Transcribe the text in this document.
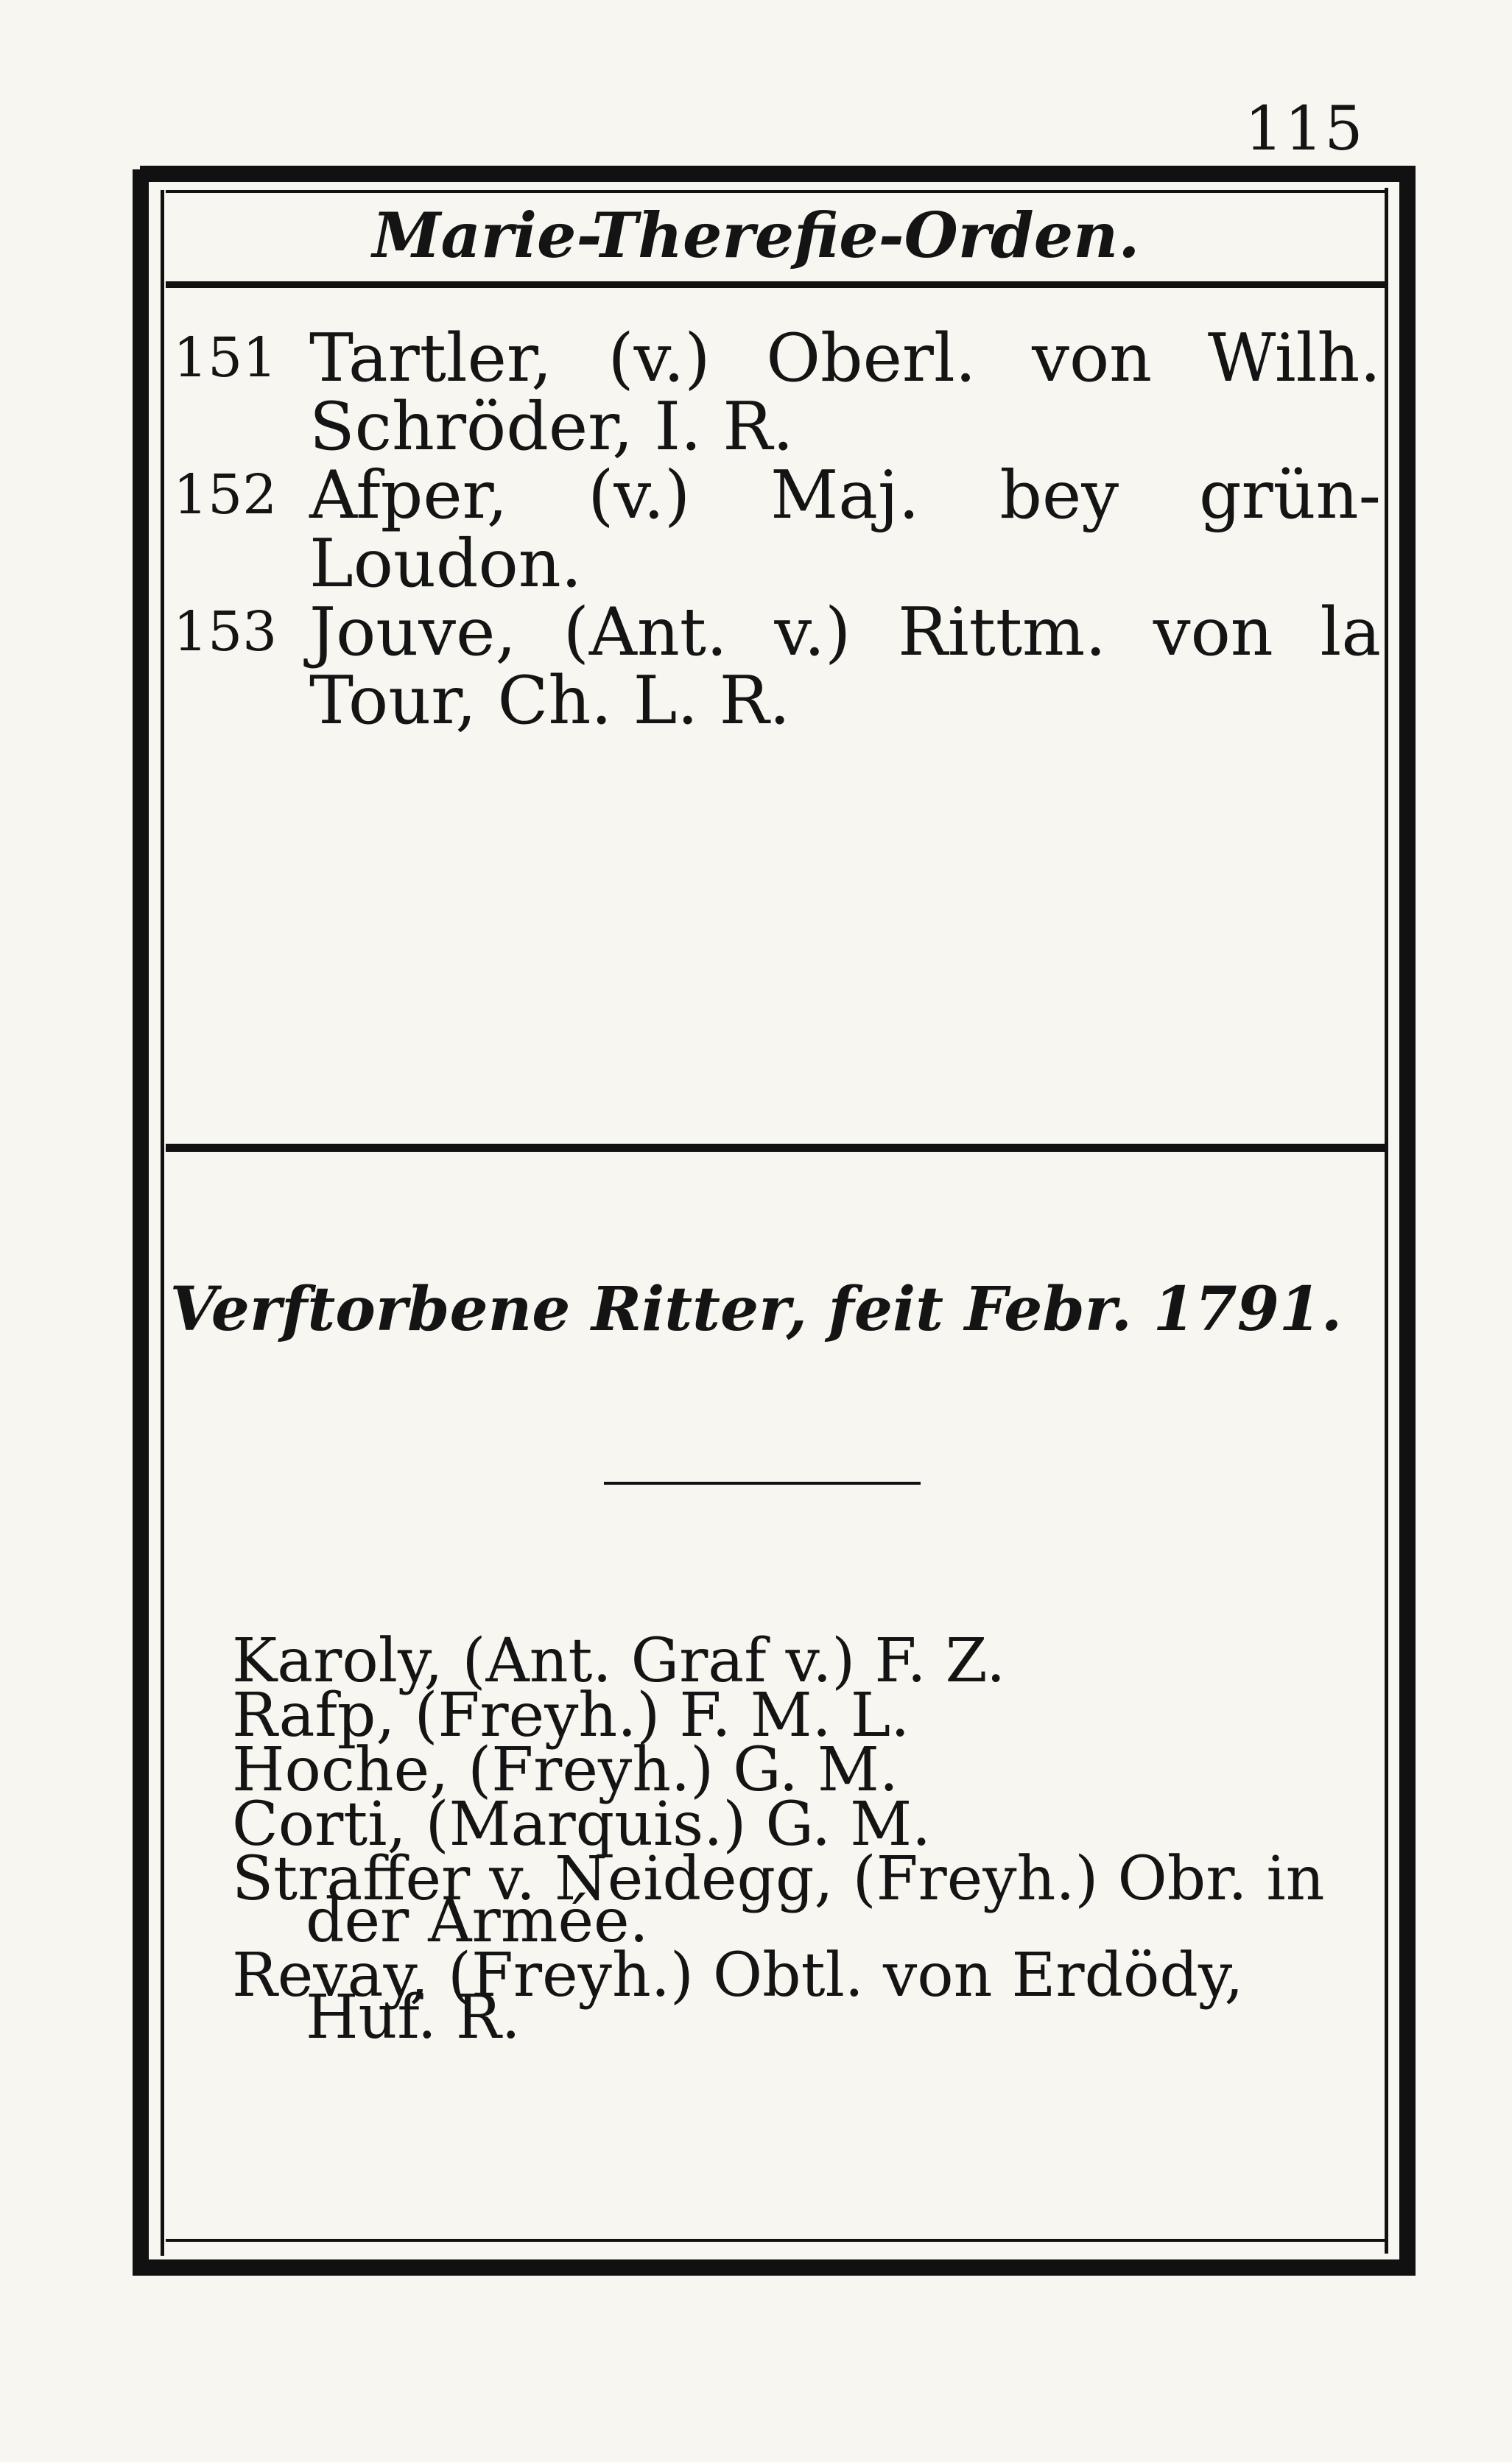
115
Marie-Therefie-Orden.
151 Tartler, (v.) Oberl. von Wilh. Schröder, I. R.
152 Afper, (v.) Maj. bey grün-Loudon.
153 Jouve, (Ant. v.) Rittm. von la Tour, Ch. L. R.
Verftorbene Ritter, feit Febr. 1791.
Karoly, (Ant. Graf v.) F. Z.
Rafp, (Freyh.) F. M. L.
Hoche, (Freyh.) G. M.
Corti, (Marquis.) G. M.
Straffer v. Neidegg, (Freyh.) Obr. in der Armée.
Revay, (Freyh.) Obtl. von Erdödy, Huf. R.
